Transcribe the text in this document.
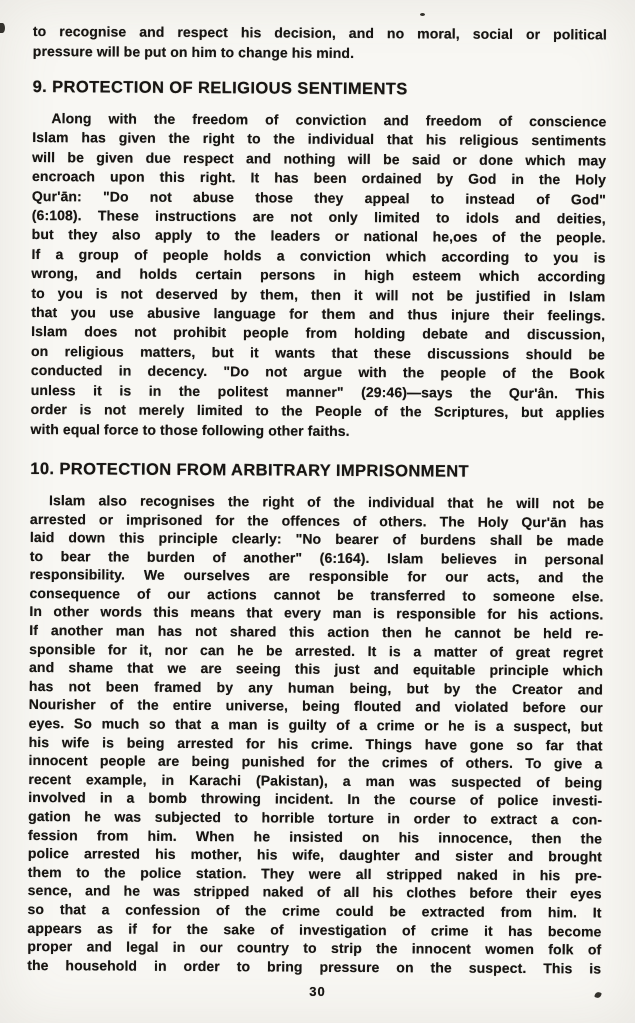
to recognise and respect his decision, and no moral, social or political
pressure will be put on him to change his mind.
9. PROTECTION OF RELIGIOUS SENTIMENTS
Along with the freedom of conviction and freedom of conscience
Islam has given the right to the individual that his religious sentiments
will be given due respect and nothing will be said or done which may
encroach upon this right. It has been ordained by God in the Holy
Qur'ān: "Do not abuse those they appeal to instead of God"
(6:108). These instructions are not only limited to idols and deities,
but they also apply to the leaders or national he,oes of the people.
If a group of people holds a conviction which according to you is
wrong, and holds certain persons in high esteem which according
to you is not deserved by them, then it will not be justified in Islam
that you use abusive language for them and thus injure their feelings.
Islam does not prohibit people from holding debate and discussion,
on religious matters, but it wants that these discussions should be
conducted in decency. "Do not argue with the people of the Book
unless it is in the politest manner" (29:46)—says the Qur'ân. This
order is not merely limited to the People of the Scriptures, but applies
with equal force to those following other faiths.
10. PROTECTION FROM ARBITRARY IMPRISONMENT
Islam also recognises the right of the individual that he will not be
arrested or imprisoned for the offences of others. The Holy Qur'ān has
laid down this principle clearly: "No bearer of burdens shall be made
to bear the burden of another" (6:164). Islam believes in personal
responsibility. We ourselves are responsible for our acts, and the
consequence of our actions cannot be transferred to someone else.
In other words this means that every man is responsible for his actions.
If another man has not shared this action then he cannot be held re-
sponsible for it, nor can he be arrested. It is a matter of great regret
and shame that we are seeing this just and equitable principle which
has not been framed by any human being, but by the Creator and
Nourisher of the entire universe, being flouted and violated before our
eyes. So much so that a man is guilty of a crime or he is a suspect, but
his wife is being arrested for his crime. Things have gone so far that
innocent people are being punished for the crimes of others. To give a
recent example, in Karachi (Pakistan), a man was suspected of being
involved in a bomb throwing incident. In the course of police investi-
gation he was subjected to horrible torture in order to extract a con-
fession from him. When he insisted on his innocence, then the
police arrested his mother, his wife, daughter and sister and brought
them to the police station. They were all stripped naked in his pre-
sence, and he was stripped naked of all his clothes before their eyes
so that a confession of the crime could be extracted from him. It
appears as if for the sake of investigation of crime it has become
proper and legal in our country to strip the innocent women folk of
the household in order to bring pressure on the suspect. This is
30
